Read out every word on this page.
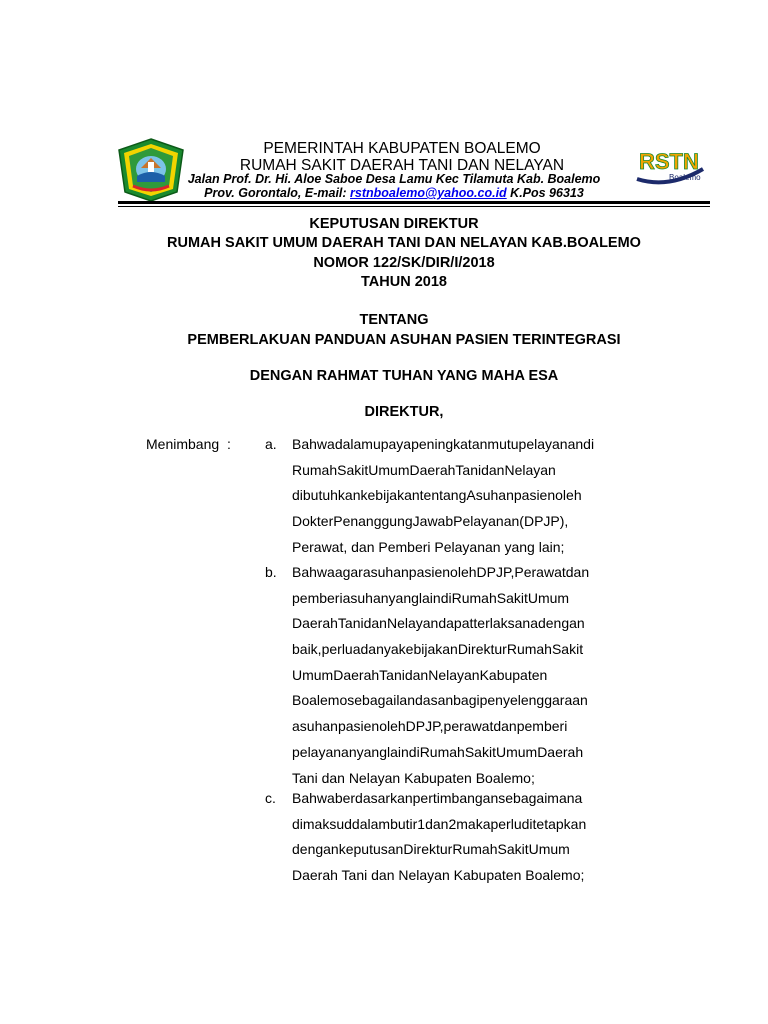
PEMERINTAH KABUPATEN BOALEMO
RUMAH SAKIT DAERAH TANI DAN NELAYAN
Jalan Prof. Dr. Hi. Aloe Saboe Desa Lamu Kec Tilamuta Kab. Boalemo
Prov. Gorontalo, E-mail: rstnboalemo@yahoo.co.id K.Pos 96313
RSTN
Boalemo
KEPUTUSAN DIREKTUR
RUMAH SAKIT UMUM DAERAH TANI DAN NELAYAN KAB.BOALEMO
NOMOR 122/SK/DIR/I/2018
TAHUN 2018
TENTANG
PEMBERLAKUAN PANDUAN ASUHAN PASIEN TERINTEGRASI
DENGAN RAHMAT TUHAN YANG MAHA ESA
DIREKTUR,
Menimbang : a. Bahwadalamupayapeningkatanmutupelayanandi
RumahSakitUmumDaerahTanidanNelayan
dibutuhkankebijakantentangAsuhanpasienoleh
DokterPenanggungJawabPelayanan(DPJP),
Perawat, dan Pemberi Pelayanan yang lain;
b. BahwaagarasuhanpasienolehDPJP,Perawatdan
pemberiasuhanyanglaindiRumahSakitUmum
DaerahTanidanNelayandapatterlaksanadengan
baik,perluadanyakebijakanDirekturRumahSakit
UmumDaerahTanidanNelayanKabupaten
Boalemosebagailandasanbagipenyelenggaraan
asuhanpasienolehDPJP,perawatdanpemberi
pelayananyanglaindiRumahSakitUmumDaerah
Tani dan Nelayan Kabupaten Boalemo;
c. Bahwaberdasarkanpertimbangansebagaimana
dimaksuddalambutir1dan2makaperluditetapkan
dengankeputusanDirekturRumahSakitUmum
Daerah Tani dan Nelayan Kabupaten Boalemo;
